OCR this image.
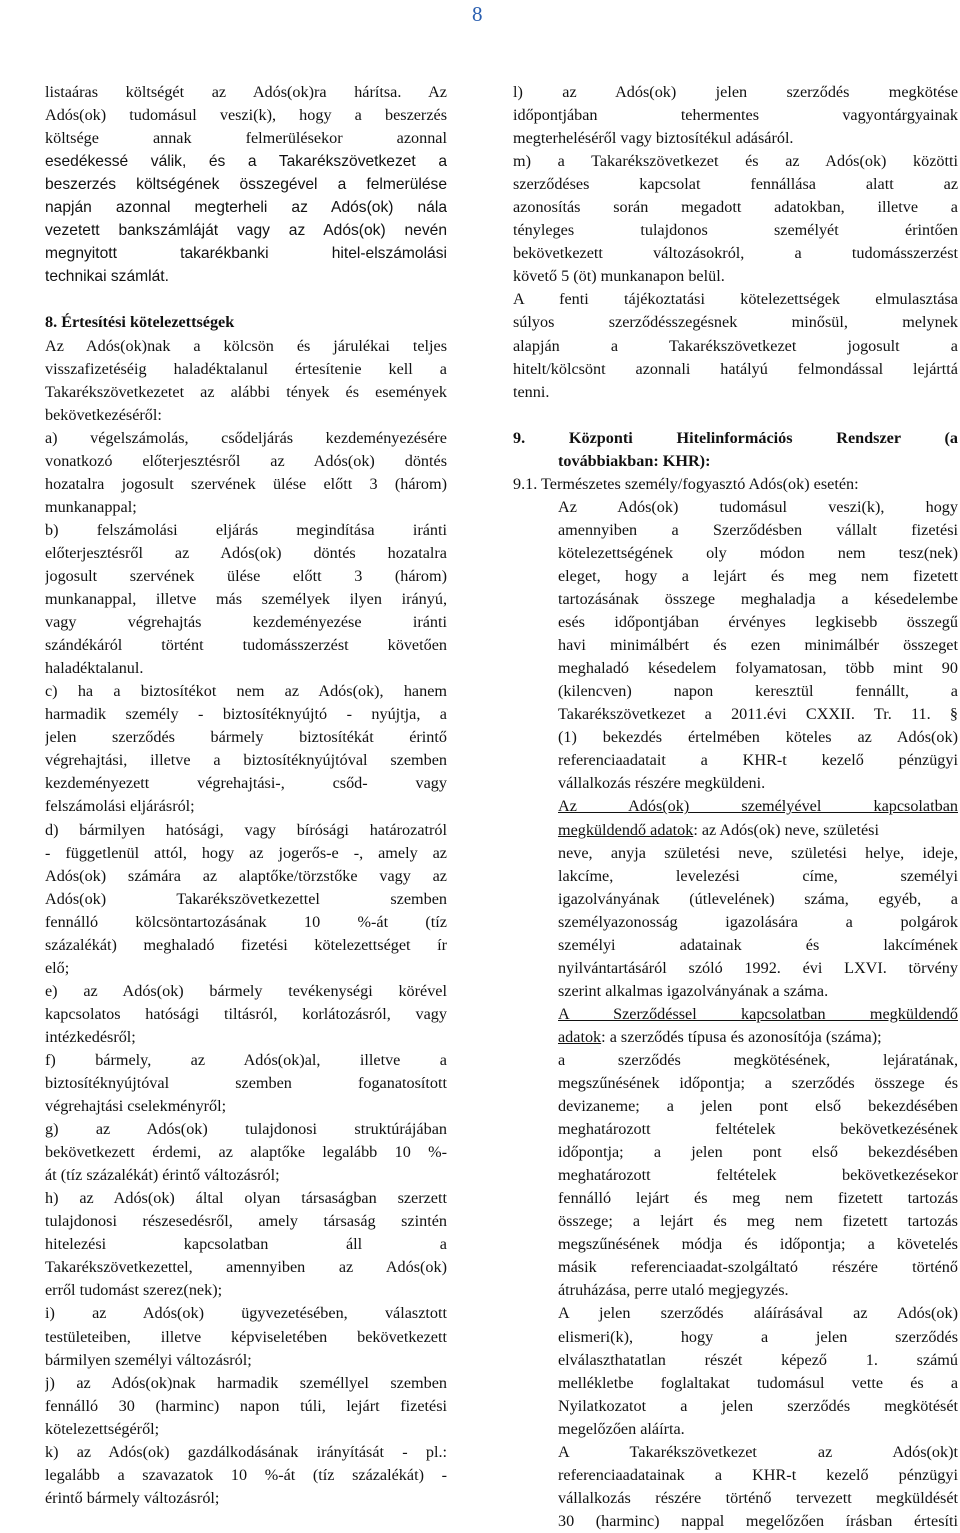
8
listaáras költségét az Adós(ok)ra hárítsa. Az
Adós(ok) tudomásul veszi(k), hogy a beszerzés
költsége annak felmerülésekor azonnal
esedékessé válik, és a Takarékszövetkezet a
beszerzés költségének összegével a felmerülése
napján azonnal megterheli az Adós(ok) nála
vezetett bankszámláját vagy az Adós(ok) nevén
megnyitott takarékbanki hitel-elszámolási
technikai számlát.
8. Értesítési kötelezettségek
Az Adós(ok)nak a kölcsön és járulékai teljes
visszafizetéséig haladéktalanul értesítenie kell a
Takarékszövetkezetet az alábbi tények és események
bekövetkezéséről:
a) végelszámolás, csődeljárás kezdeményezésére
vonatkozó előterjesztésről az Adós(ok) döntés
hozatalra jogosult szervének ülése előtt 3 (három)
munkanappal;
b) felszámolási eljárás megindítása iránti
előterjesztésről az Adós(ok) döntés hozatalra
jogosult szervének ülése előtt 3 (három)
munkanappal, illetve más személyek ilyen irányú,
vagy végrehajtás kezdeményezése iránti
szándékáról történt tudomásszerzést követően
haladéktalanul.
c) ha a biztosítékot nem az Adós(ok), hanem
harmadik személy - biztosítéknyújtó - nyújtja, a
jelen szerződés bármely biztosítékát érintő
végrehajtási, illetve a biztosítéknyújtóval szemben
kezdeményezett végrehajtási-, csőd- vagy
felszámolási eljárásról;
d) bármilyen hatósági, vagy bírósági határozatról
- függetlenül attól, hogy az jogerős-e -, amely az
Adós(ok) számára az alaptőke/törzstőke vagy az
Adós(ok) Takarékszövetkezettel szemben
fennálló kölcsöntartozásának 10 %-át (tíz
százalékát) meghaladó fizetési kötelezettséget ír
elő;
e) az Adós(ok) bármely tevékenységi körével
kapcsolatos hatósági tiltásról, korlátozásról, vagy
intézkedésről;
f) bármely, az Adós(ok)al, illetve a
biztosítéknyújtóval szemben foganatosított
végrehajtási cselekményről;
g) az Adós(ok) tulajdonosi struktúrájában
bekövetkezett érdemi, az alaptőke legalább 10 %-
át (tíz százalékát) érintő változásról;
h) az Adós(ok) által olyan társaságban szerzett
tulajdonosi részesedésről, amely társaság szintén
hitelezési kapcsolatban áll a
Takarékszövetkezettel, amennyiben az Adós(ok)
erről tudomást szerez(nek);
i) az Adós(ok) ügyvezetésében, választott
testületeiben, illetve képviseletében bekövetkezett
bármilyen személyi változásról;
j) az Adós(ok)nak harmadik személlyel szemben
fennálló 30 (harminc) napon túli, lejárt fizetési
kötelezettségéről;
k) az Adós(ok) gazdálkodásának irányítását - pl.:
legalább a szavazatok 10 %-át (tíz százalékát) -
érintő bármely változásról;
l) az Adós(ok) jelen szerződés megkötése
időpontjában tehermentes vagyontárgyainak
megterheléséről vagy biztosítékul adásáról.
m) a Takarékszövetkezet és az Adós(ok) közötti
szerződéses kapcsolat fennállása alatt az
azonosítás során megadott adatokban, illetve a
tényleges tulajdonos személyét érintően
bekövetkezett változásokról, a tudomásszerzést
követő 5 (öt) munkanapon belül.
A fenti tájékoztatási kötelezettségek elmulasztása
súlyos szerződésszegésnek minősül, melynek
alapján a Takarékszövetkezet jogosult a
hitelt/kölcsönt azonnali hatályú felmondással lejárttá
tenni.
9. Központi Hitelinformációs Rendszer (a
továbbiakban: KHR):
9.1. Természetes személy/fogyasztó Adós(ok) esetén:
Az Adós(ok) tudomásul veszi(k), hogy
amennyiben a Szerződésben vállalt fizetési
kötelezettségének oly módon nem tesz(nek)
eleget, hogy a lejárt és meg nem fizetett
tartozásának összege meghaladja a késedelembe
esés időpontjában érvényes legkisebb összegű
havi minimálbért és ezen minimálbér összeget
meghaladó késedelem folyamatosan, több mint 90
(kilencven) napon keresztül fennállt, a
Takarékszövetkezet a 2011.évi CXXII. Tr. 11. §
(1) bekezdés értelmében köteles az Adós(ok)
referenciaadatait a KHR-t kezelő pénzügyi
vállalkozás részére megküldeni.
Az Adós(ok) személyével kapcsolatban
megküldendő adatok: az Adós(ok) neve, születési
neve, anyja születési neve, születési helye, ideje,
lakcíme, levelezési címe, személyi
igazolványának (útlevelének) száma, egyéb, a
személyazonosság igazolására a polgárok
személyi adatainak és lakcímének
nyilvántartásáról szóló 1992. évi LXVI. törvény
szerint alkalmas igazolványának a száma.
A Szerződéssel kapcsolatban megküldendő
adatok: a szerződés típusa és azonosítója (száma);
a szerződés megkötésének, lejáratának,
megszűnésének időpontja; a szerződés összege és
devizaneme; a jelen pont első bekezdésében
meghatározott feltételek bekövetkezésének
időpontja; a jelen pont első bekezdésében
meghatározott feltételek bekövetkezésekor
fennálló lejárt és meg nem fizetett tartozás
összege; a lejárt és meg nem fizetett tartozás
megszűnésének módja és időpontja; a követelés
másik referenciaadat-szolgáltató részére történő
átruházása, perre utaló megjegyzés.
A jelen szerződés aláírásával az Adós(ok)
elismeri(k), hogy a jelen szerződés
elválaszthatatlan részét képező 1. számú
mellékletbe foglaltakat tudomásul vette és a
Nyilatkozatot a jelen szerződés megkötését
megelőzően aláírta.
A Takarékszövetkezet az Adós(ok)t
referenciaadatainak a KHR-t kezelő pénzügyi
vállalkozás részére történő tervezett megküldését
30 (harminc) nappal megelőzően írásban értesíti
